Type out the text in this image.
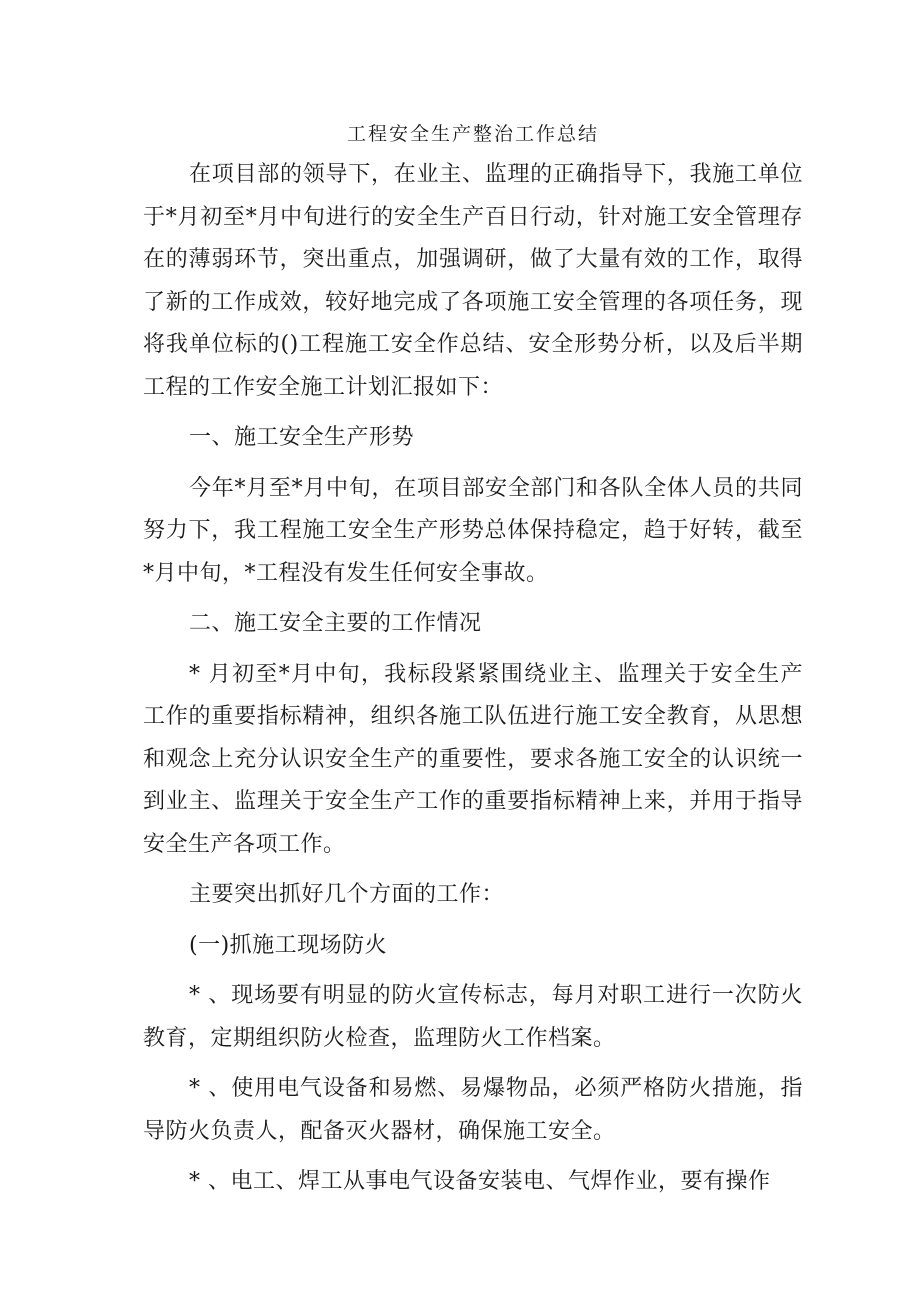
工程安全生产整治工作总结

在项目部的领导下，在业主、监理的正确指导下，我施工单位于*月初至*月中旬进行的安全生产百日行动，针对施工安全管理存在的薄弱环节，突出重点，加强调研，做了大量有效的工作，取得了新的工作成效，较好地完成了各项施工安全管理的各项任务，现将我单位标的()工程施工安全作总结、安全形势分析，以及后半期工程的工作安全施工计划汇报如下：

一、施工安全生产形势

今年*月至*月中旬，在项目部安全部门和各队全体人员的共同努力下，我工程施工安全生产形势总体保持稳定，趋于好转，截至*月中旬，*工程没有发生任何安全事故。

二、施工安全主要的工作情况

* 月初至*月中旬，我标段紧紧围绕业主、监理关于安全生产工作的重要指标精神，组织各施工队伍进行施工安全教育，从思想和观念上充分认识安全生产的重要性，要求各施工安全的认识统一到业主、监理关于安全生产工作的重要指标精神上来，并用于指导安全生产各项工作。

主要突出抓好几个方面的工作：

(一)抓施工现场防火

* 、现场要有明显的防火宣传标志，每月对职工进行一次防火教育，定期组织防火检查，监理防火工作档案。

* 、使用电气设备和易燃、易爆物品，必须严格防火措施，指导防火负责人，配备灭火器材，确保施工安全。

* 、电工、焊工从事电气设备安装电、气焊作业，要有操作
